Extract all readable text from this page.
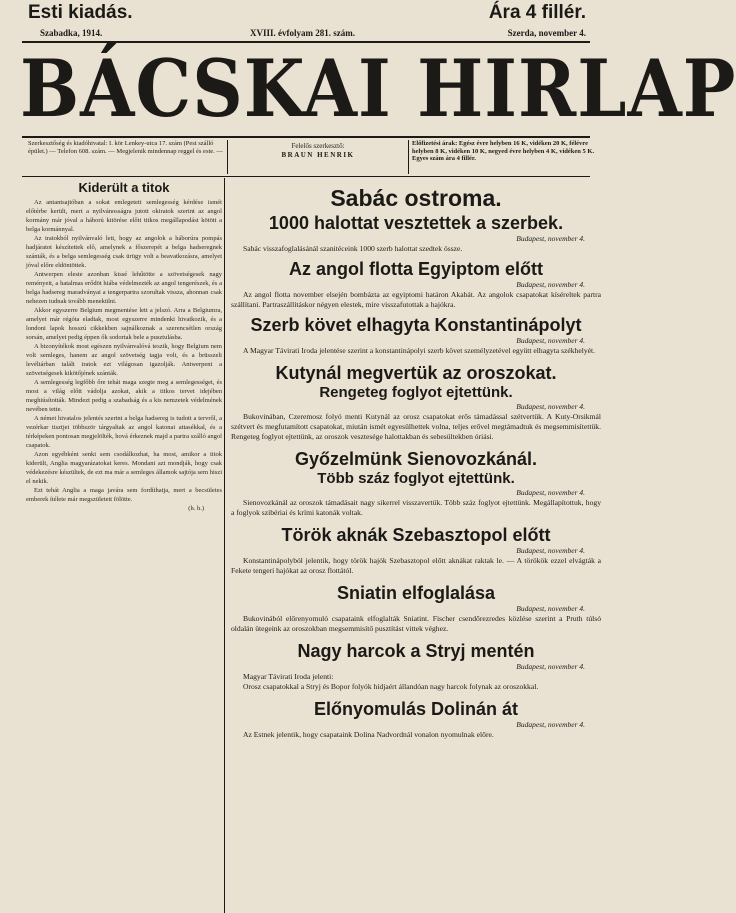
Esti kiadás.	Ára 4 fillér.
Szabadka, 1914.	XVIII. évfolyam 281. szám.	Szerda, november 4.
BÁCSKAI HIRLAP
Szerkesztőség és kiadóhivatal: I. kör Lenkey-utca 17. szám (Pest szálló épület.) — Telefon 608. szám. — Megjelenik mindennap reggel és este. —
Felelős szerkesztő:
BRAUN HENRIK
Előfizetési árak: Egész évre helyben 16 K, vidéken 20 K, félévre helyben 8 K, vidéken 10 K, negyed évre helyben 4 K, vidéken 5 K. Egyes szám ára 4 fillér.
Kiderült a titok

Az antantsajtóban a sokat emlegetett semlegesség kérdése ismét előtérbe került, mert a nyilvánosságra jutott okiratok szerint az angol kormány már jóval a háború kitörése előtt titkos megállapodást kötött a belga kormánnyal.

Az iratokból nyilvánvaló lett, hogy az angolok a háborúra pompás hadjáratot készítettek elő, amelynek a főszerepét a belga hadseregnek szánták, és a belga semlegesség csak ürügy volt a beavatkozásra, amelyet jóval előre eldöntöttek.

Antwerpen eleste azonban kissé lehűtötte a szövetségesek nagy reményeit, a hatalmas erődöt hiába védelmezték az angol tengerészek, és a belga hadsereg maradványai a tengerpartra szorultak vissza, ahonnan csak nehezen tudnak tovább menekülni.

Akkor egyszerre Belgium megmentése lett a jelszó. Arra a Belgiumra, amelyet már régóta eladtak, most egyszerre mindenki hivatkozik, és a londoni lapok hosszú cikkekben sajnálkoznak a szerencsétlen ország sorsán, amelyet pedig éppen ők sodortak bele a pusztulásba.

A bizonyítékok most egészen nyilvánvalóvá teszik, hogy Belgium nem volt semleges, hanem az angol szövetség tagja volt, és a brüsszeli levéltárban talált iratok ezt világosan igazolják. Antwerpent a szövetségesek kikötőjének szánták.

A semlegesség legfőbb őre tehát maga szegte meg a semlegességet, és most a világ előtt vádolja azokat, akik a titkos tervet idejében meghiúsították. Mindezt pedig a szabadság és a kis nemzetek védelmének nevében tette.

A német hivatalos jelentés szerint a belga hadsereg is tudott a tervről, a vezérkar tisztjei többször tárgyaltak az angol katonai attasékkal, és a térképeken pontosan megjelölték, hová érkeznek majd a partra szálló angol csapatok.

Azon egyébként senki sem csodálkozhat, ha most, amikor a titok kiderült, Anglia magyarázatokat keres. Mondani azt mondják, hogy csak védekezésre készültek, de ezt ma már a semleges államok sajtója sem hiszi el nekik.

Ezt tehát Anglia a maga javára sem fordíthatja, mert a becsületes emberek ítélete már megszületett fölötte.

(h. h.)
Sabác ostroma.
1000 halottat vesztettek a szerbek.
Budapest, november 4.

Sabác visszafoglalásánál szanitéceink 1000 szerb halottat szedtek össze.

Az angol flotta Egyiptom előtt
Budapest, november 4.

Az angol flotta november elsején bombázta az egyiptomi határon Akabát. Az angolok csapatokat kíséreltek partra szállítani. Partraszállításkor négyen elestek, mire visszafutottak a hajókra.

Szerb követ elhagyta Konstantinápolyt
Budapest, november 4.

A Magyar Távirati Iroda jelentése szerint a konstantinápolyi szerb követ személyzetével együtt elhagyta székhelyét.

Kutynál megvertük az oroszokat.
Rengeteg foglyot ejtettünk.
Budapest, november 4.

Bukovinában, Czeremosz folyó menti Kutynál az orosz csapatokat erős támadással szétvertük. A Kuty-Orsikmál szétvert és megfutamított csapatokat, miután ismét egyesülhettek volna, teljes erővel megtámadtuk és megsemmisítettük. Rengeteg foglyot ejtettünk, az oroszok vesztesége halottakban és sebesültekben óriási.

Győzelmünk Sienovozkánál.
Több száz foglyot ejtettünk.
Budapest, november 4.

Sienovozkánál az oroszok támadásait nagy sikerrel visszavertük. Több száz foglyot ejtettünk. Megállapítottuk, hogy a foglyok szibériai és krími katonák voltak.

Török aknák Szebasztopol előtt
Budapest, november 4.

Konstantinápolyból jelentik, hogy török hajók Szebasztopol előtt aknákat raktak le. — A törökök ezzel elvágták a Fekete tengeri hajókat az orosz flottától.

Sniatin elfoglalása
Budapest, november 4.

Bukovinából előrenyomuló csapataink elfoglalták Sniatint. Fischer csendőrezredes közlése szerint a Pruth túlsó oldalán ütegeink az oroszokban megsemmisítő pusztítást vittek véghez.

Nagy harcok a Stryj mentén
Budapest, november 4.

Magyar Távirati Iroda jelenti:

Orosz csapatokkal a Stryj és Bopor folyók hídjaért állandóan nagy harcok folynak az oroszokkal.

Előnyomulás Dolinán át
Budapest, november 4.

Az Estnek jelentik, hogy csapataink Dolina Nadvordnál vonalon nyomulnak előre.
